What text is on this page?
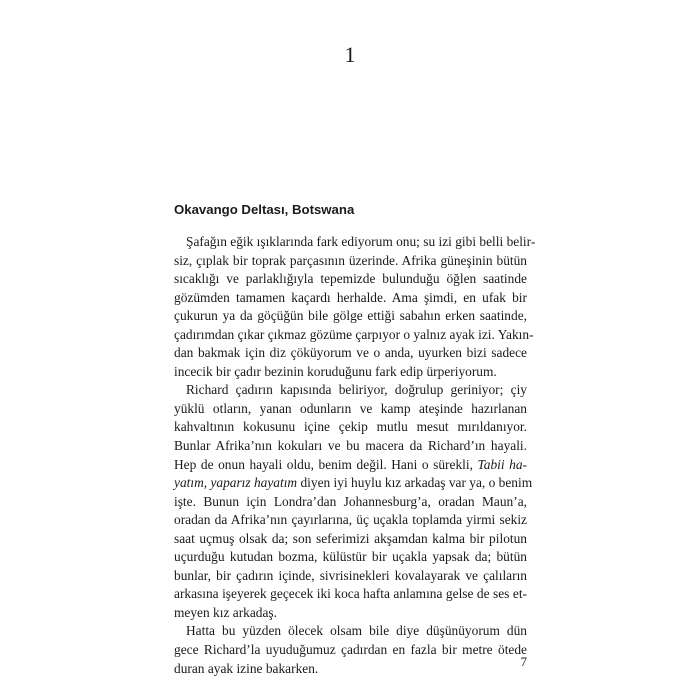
1
Okavango Deltası, Botswana
Şafağın eğik ışıklarında fark ediyorum onu; su izi gibi belli belir-
siz, çıplak bir toprak parçasının üzerinde. Afrika güneşinin bütün
sıcaklığı ve parlaklığıyla tepemizde bulunduğu öğlen saatinde
gözümden tamamen kaçardı herhalde. Ama şimdi, en ufak bir
çukurun ya da göçüğün bile gölge ettiği sabahın erken saatinde,
çadırımdan çıkar çıkmaz gözüme çarpıyor o yalnız ayak izi. Yakın-
dan bakmak için diz çöküyorum ve o anda, uyurken bizi sadece
incecik bir çadır bezinin koruduğunu fark edip ürperiyorum.
Richard çadırın kapısında beliriyor, doğrulup geriniyor; çiy
yüklü otların, yanan odunların ve kamp ateşinde hazırlanan
kahvaltının kokusunu içine çekip mutlu mesut mırıldanıyor.
Bunlar Afrika’nın kokuları ve bu macera da Richard’ın hayali.
Hep de onun hayali oldu, benim değil. Hani o sürekli, Tabii ha-
yatım, yaparız hayatım diyen iyi huylu kız arkadaş var ya, o benim
işte. Bunun için Londra’dan Johannesburg’a, oradan Maun’a,
oradan da Afrika’nın çayırlarına, üç uçakla toplamda yirmi sekiz
saat uçmuş olsak da; son seferimizi akşamdan kalma bir pilotun
uçurduğu kutudan bozma, külüstür bir uçakla yapsak da; bütün
bunlar, bir çadırın içinde, sivrisinekleri kovalayarak ve çalıların
arkasına işeyerek geçecek iki koca hafta anlamına gelse de ses et-
meyen kız arkadaş.
Hatta bu yüzden ölecek olsam bile diye düşünüyorum dün
gece Richard’la uyuduğumuz çadırdan en fazla bir metre ötede
duran ayak izine bakarken.	7
